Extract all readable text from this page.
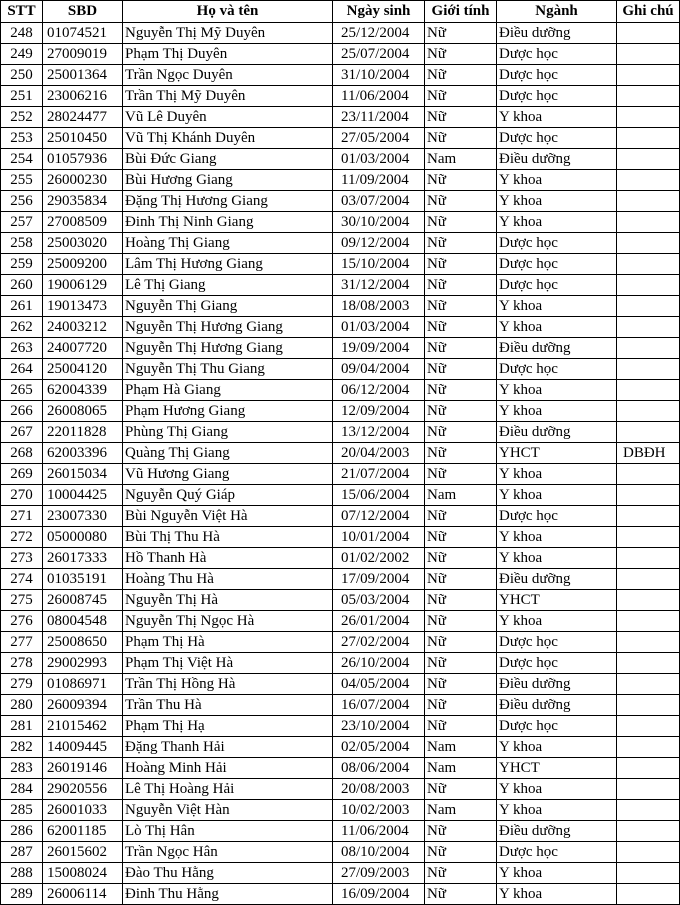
STT	SBD	Họ và tên	Ngày sinh	Giới tính	Ngành	Ghi chú
248	01074521	Nguyễn Thị Mỹ Duyên	25/12/2004	Nữ	Điều dưỡng	
249	27009019	Phạm Thị Duyên	25/07/2004	Nữ	Dược học	
250	25001364	Trần Ngọc Duyên	31/10/2004	Nữ	Dược học	
251	23006216	Trần Thị Mỹ Duyên	11/06/2004	Nữ	Dược học	
252	28024477	Vũ Lê Duyên	23/11/2004	Nữ	Y khoa	
253	25010450	Vũ Thị Khánh Duyên	27/05/2004	Nữ	Dược học	
254	01057936	Bùi Đức Giang	01/03/2004	Nam	Điều dưỡng	
255	26000230	Bùi Hương Giang	11/09/2004	Nữ	Y khoa	
256	29035834	Đặng Thị Hương Giang	03/07/2004	Nữ	Y khoa	
257	27008509	Đinh Thị Ninh Giang	30/10/2004	Nữ	Y khoa	
258	25003020	Hoàng Thị Giang	09/12/2004	Nữ	Dược học	
259	25009200	Lâm Thị Hương Giang	15/10/2004	Nữ	Dược học	
260	19006129	Lê Thị Giang	31/12/2004	Nữ	Dược học	
261	19013473	Nguyễn Thị Giang	18/08/2003	Nữ	Y khoa	
262	24003212	Nguyễn Thị Hương Giang	01/03/2004	Nữ	Y khoa	
263	24007720	Nguyễn Thị Hương Giang	19/09/2004	Nữ	Điều dưỡng	
264	25004120	Nguyễn Thị Thu Giang	09/04/2004	Nữ	Dược học	
265	62004339	Phạm Hà Giang	06/12/2004	Nữ	Y khoa	
266	26008065	Phạm Hương Giang	12/09/2004	Nữ	Y khoa	
267	22011828	Phùng Thị Giang	13/12/2004	Nữ	Điều dưỡng	
268	62003396	Quàng Thị Giang	20/04/2003	Nữ	YHCT	DBĐH
269	26015034	Vũ Hương Giang	21/07/2004	Nữ	Y khoa	
270	10004425	Nguyễn Quý Giáp	15/06/2004	Nam	Y khoa	
271	23007330	Bùi Nguyễn Việt Hà	07/12/2004	Nữ	Dược học	
272	05000080	Bùi Thị Thu Hà	10/01/2004	Nữ	Y khoa	
273	26017333	Hồ Thanh Hà	01/02/2002	Nữ	Y khoa	
274	01035191	Hoàng Thu Hà	17/09/2004	Nữ	Điều dưỡng	
275	26008745	Nguyễn Thị Hà	05/03/2004	Nữ	YHCT	
276	08004548	Nguyễn Thị Ngọc Hà	26/01/2004	Nữ	Y khoa	
277	25008650	Phạm Thị Hà	27/02/2004	Nữ	Dược học	
278	29002993	Phạm Thị Việt Hà	26/10/2004	Nữ	Dược học	
279	01086971	Trần Thị Hồng Hà	04/05/2004	Nữ	Điều dưỡng	
280	26009394	Trần Thu Hà	16/07/2004	Nữ	Điều dưỡng	
281	21015462	Phạm Thị Hạ	23/10/2004	Nữ	Dược học	
282	14009445	Đặng Thanh Hải	02/05/2004	Nam	Y khoa	
283	26019146	Hoàng Minh Hải	08/06/2004	Nam	YHCT	
284	29020556	Lê Thị Hoàng Hải	20/08/2003	Nữ	Y khoa	
285	26001033	Nguyễn Việt Hàn	10/02/2003	Nam	Y khoa	
286	62001185	Lò Thị Hân	11/06/2004	Nữ	Điều dưỡng	
287	26015602	Trần Ngọc Hân	08/10/2004	Nữ	Dược học	
288	15008024	Đào Thu Hằng	27/09/2003	Nữ	Y khoa	
289	26006114	Đinh Thu Hằng	16/09/2004	Nữ	Y khoa	
